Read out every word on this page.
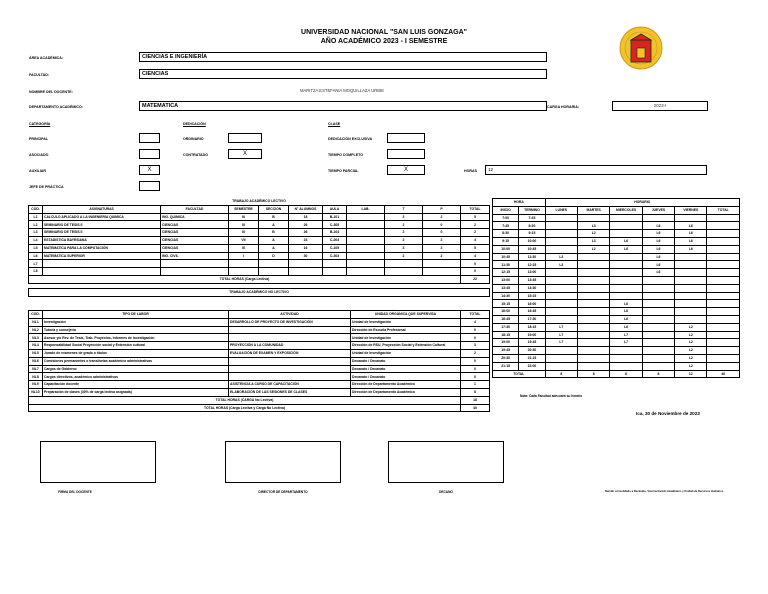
UNIVERSIDAD NACIONAL "SAN LUIS GONZAGA"
AÑO ACADÉMICO 2023 - I SEMESTRE
ÁREA ACADÉMICA:	CIENCIAS E INGENIERÍA
FACULTAD:	CIENCIAS
NOMBRE DEL DOCENTE:	MARITZA ESTEFANIA MOQUILLAZA URIBE
DEPARTAMENTO ACADÉMICO:	MATEMATICA	CARGA HORARIA:	2023-I
CATEGORÍA	DEDICACIÓN	CLASE
PRINCIPAL	ORDINARIO	DEDICACIÓN EXCLUSIVA
ASOCIADO	CONTRATADO	X	TIEMPO COMPLETO
AUXILIAR	X	TIEMPO PARCIAL	X	HORAS	12
JEFE DE PRÁCTICA
TRABAJO ACADÉMICO LECTIVO										
COD.	ASIGNATURAS	FACULTAD	SEMESTRE	SECCION	N° ALUMNOS	AULA	LAB.	T	P	TOTAL
L1	CALCULO APLICADO A LA INGENIERIA QUIMICA	ING. QUIMICA	III	B	18	B-101		3	2	5
L2	SEMINARIO DE TESIS II	CIENCIAS	III	A	26	C-305		2	0	2
L3	SEMINARIO DE TESIS II	CIENCIAS	III	B	26	B-104		2	0	2
L4	ESTADISTICA BAYESIANA	CIENCIAS	VII	A	23	C-204		2	2	4
L5	MATEMATICA PARA LA COMPUTACIÓN	CIENCIAS	III	A	16	C-105		3	2	5
L6	MATEMATICA SUPERIOR	ING. CIVIL	I	D	30	C-303		2	2	4
L7										0
L8										0
TOTAL HORAS (Carga Lectiva)										22

TRABAJO ACADÉMICO NO LECTIVO										
COD.	TIPO DE LABOR	ACTIVIDAD	UNIDAD ORGÁNICA QUE SUPERVISA	TOTAL
NL1	Investigación	DESARROLLO DE PROYECTO DE INVESTIGACIÓN	Unidad de Investigación	4
NL2	Tutoría y consejería		Dirección de Escuela Profesional	0
NL3	Asesor y/o Rev. de Tesis, Trab. Proyectos, Informes de Investigación		Unidad de Investigación	0
NL4	Responsabilidad Social Proyección social y Extensión cultural	PROYECCIÓN A LA COMUNIDAD	Dirección de RSU, Proyección Social y Extensión Cultural	3
NL5	Jurado de exámenes de grado o títulos	EVALUACIÓN DE EXAMEN Y EXPOSICIÓN	Unidad de Investigación	2
NL6	Comisiones permanentes o transitorias académico administrativas		Decanato / Decanato	0
NL7	Cargos de Gobierno		Decanato / Decanato	0
NL8	Cargos directivos, académico administrativos		Decanato / Decanato	0
NL9	Capacitación docente	ASISTENCIA A CURSO DE CAPACITACIÓN	Dirección de Departamento Académico	1
NL10	Preparación de clases (30% de carga lectiva asignada)	ELABORACIÓN DE LAS SESIONES DE CLASES	Dirección de Departamento Académico	8
TOTAL HORAS (CARGA No Lectiva)				18
TOTAL HORAS (Carga Lectiva y Carga No Lectiva)				40
HORA		HORARIO					
INICIO	TERMINO	LUNES	MARTES	MIERCOLES	JUEVES	VIERNES	TOTAL
7:00	7:45						
7:45	8:30		L3		L6	L6	
8:30	9:15		L2		L6	L6	
9:15	10:00		L3	L6	L6	L6	
10:00	10:45		L2	L6	L6	L6	
10:45	11:30	L3			L6		
11:30	12:15	L3			L6		
12:15	13:00				L6		
13:00	13:45						
13:45	14:30						
14:30	15:15						
15:15	16:00			L6			
16:00	16:45			L6			
16:45	17:30			L6			
17:30	18:15	L7		L6		L2	
18:15	19:00	L7		L7		L2	
19:00	19:45	L7		L7		L2	
19:45	20:30					L2	
20:30	21:15					L2	
21:15	22:00					L2	
TOTAL		8	8	8	8	12	40
Nota: Cada Facultad adecuará su horario
Ica, 30 de Noviembre de 2023
FIRMA DEL DOCENTE	DIRECTOR DE DEPARTAMENTO	DECANO	Remitir consolidado a Decanato, Vicerrectorado Académico y Unidad de Recursos Humanos
